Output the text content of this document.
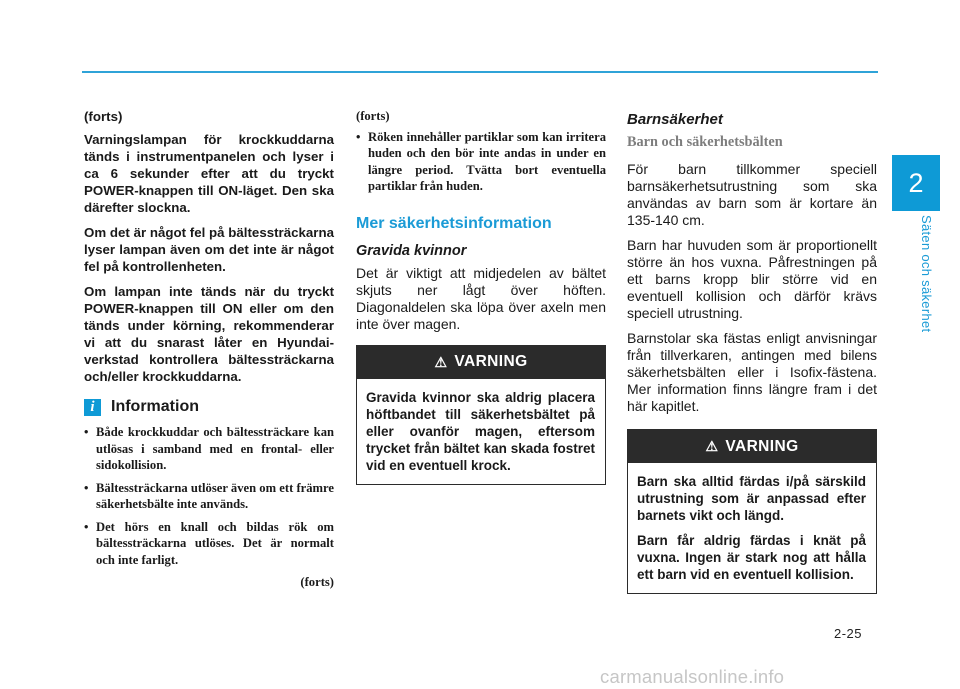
2
Säten och säkerhet

(forts)

Varningslampan för krockkuddarna tänds i instrumentpanelen och lyser i ca 6 sekunder efter att du tryckt POWER-knappen till ON-läget. Den ska därefter slockna.

Om det är något fel på bältessträckarna lyser lampan även om det inte är något fel på kontrollenheten.

Om lampan inte tänds när du tryckt POWER-knappen till ON eller om den tänds under körning, rekommenderar vi att du snarast låter en Hyundai-verkstad kontrollera bältessträckarna och/eller krockkuddarna.

i	Information
• Både krockkuddar och bältessträckare kan utlösas i samband med en frontal- eller sidokollision.
• Bältessträckarna utlöser även om ett främre säkerhetsbälte inte används.
• Det hörs en knall och bildas rök om bältessträckarna utlöses. Det är normalt och inte farligt.
(forts)
(forts)
• Röken innehåller partiklar som kan irritera huden och den bör inte andas in under en längre period. Tvätta bort eventuella partiklar från huden.
Mer säkerhetsinformation
Gravida kvinnor

Det är viktigt att midjedelen av bältet skjuts ner lågt över höften. Diagonaldelen ska löpa över axeln men inte över magen.

⚠ VARNING

Gravida kvinnor ska aldrig placera höftbandet till säkerhetsbältet på eller ovanför magen, eftersom trycket från bältet kan skada fostret vid en eventuell krock.

Barnsäkerhet
Barn och säkerhetsbälten

För barn tillkommer speciell barnsäkerhetsutrustning som ska användas av barn som är kortare än 135-140 cm.

Barn har huvuden som är proportionellt större än hos vuxna. Påfrestningen på ett barns kropp blir större vid en eventuell kollision och därför krävs speciell utrustning.

Barnstolar ska fästas enligt anvisningar från tillverkaren, antingen med bilens säkerhetsbälten eller i Isofix-fästena. Mer information finns längre fram i det här kapitlet.

⚠ VARNING

Barn ska alltid färdas i/på särskild utrustning som är anpassad efter barnets vikt och längd.

Barn får aldrig färdas i knät på vuxna. Ingen är stark nog att hålla ett barn vid en eventuell kollision.

2-25
carmanualsonline.info
